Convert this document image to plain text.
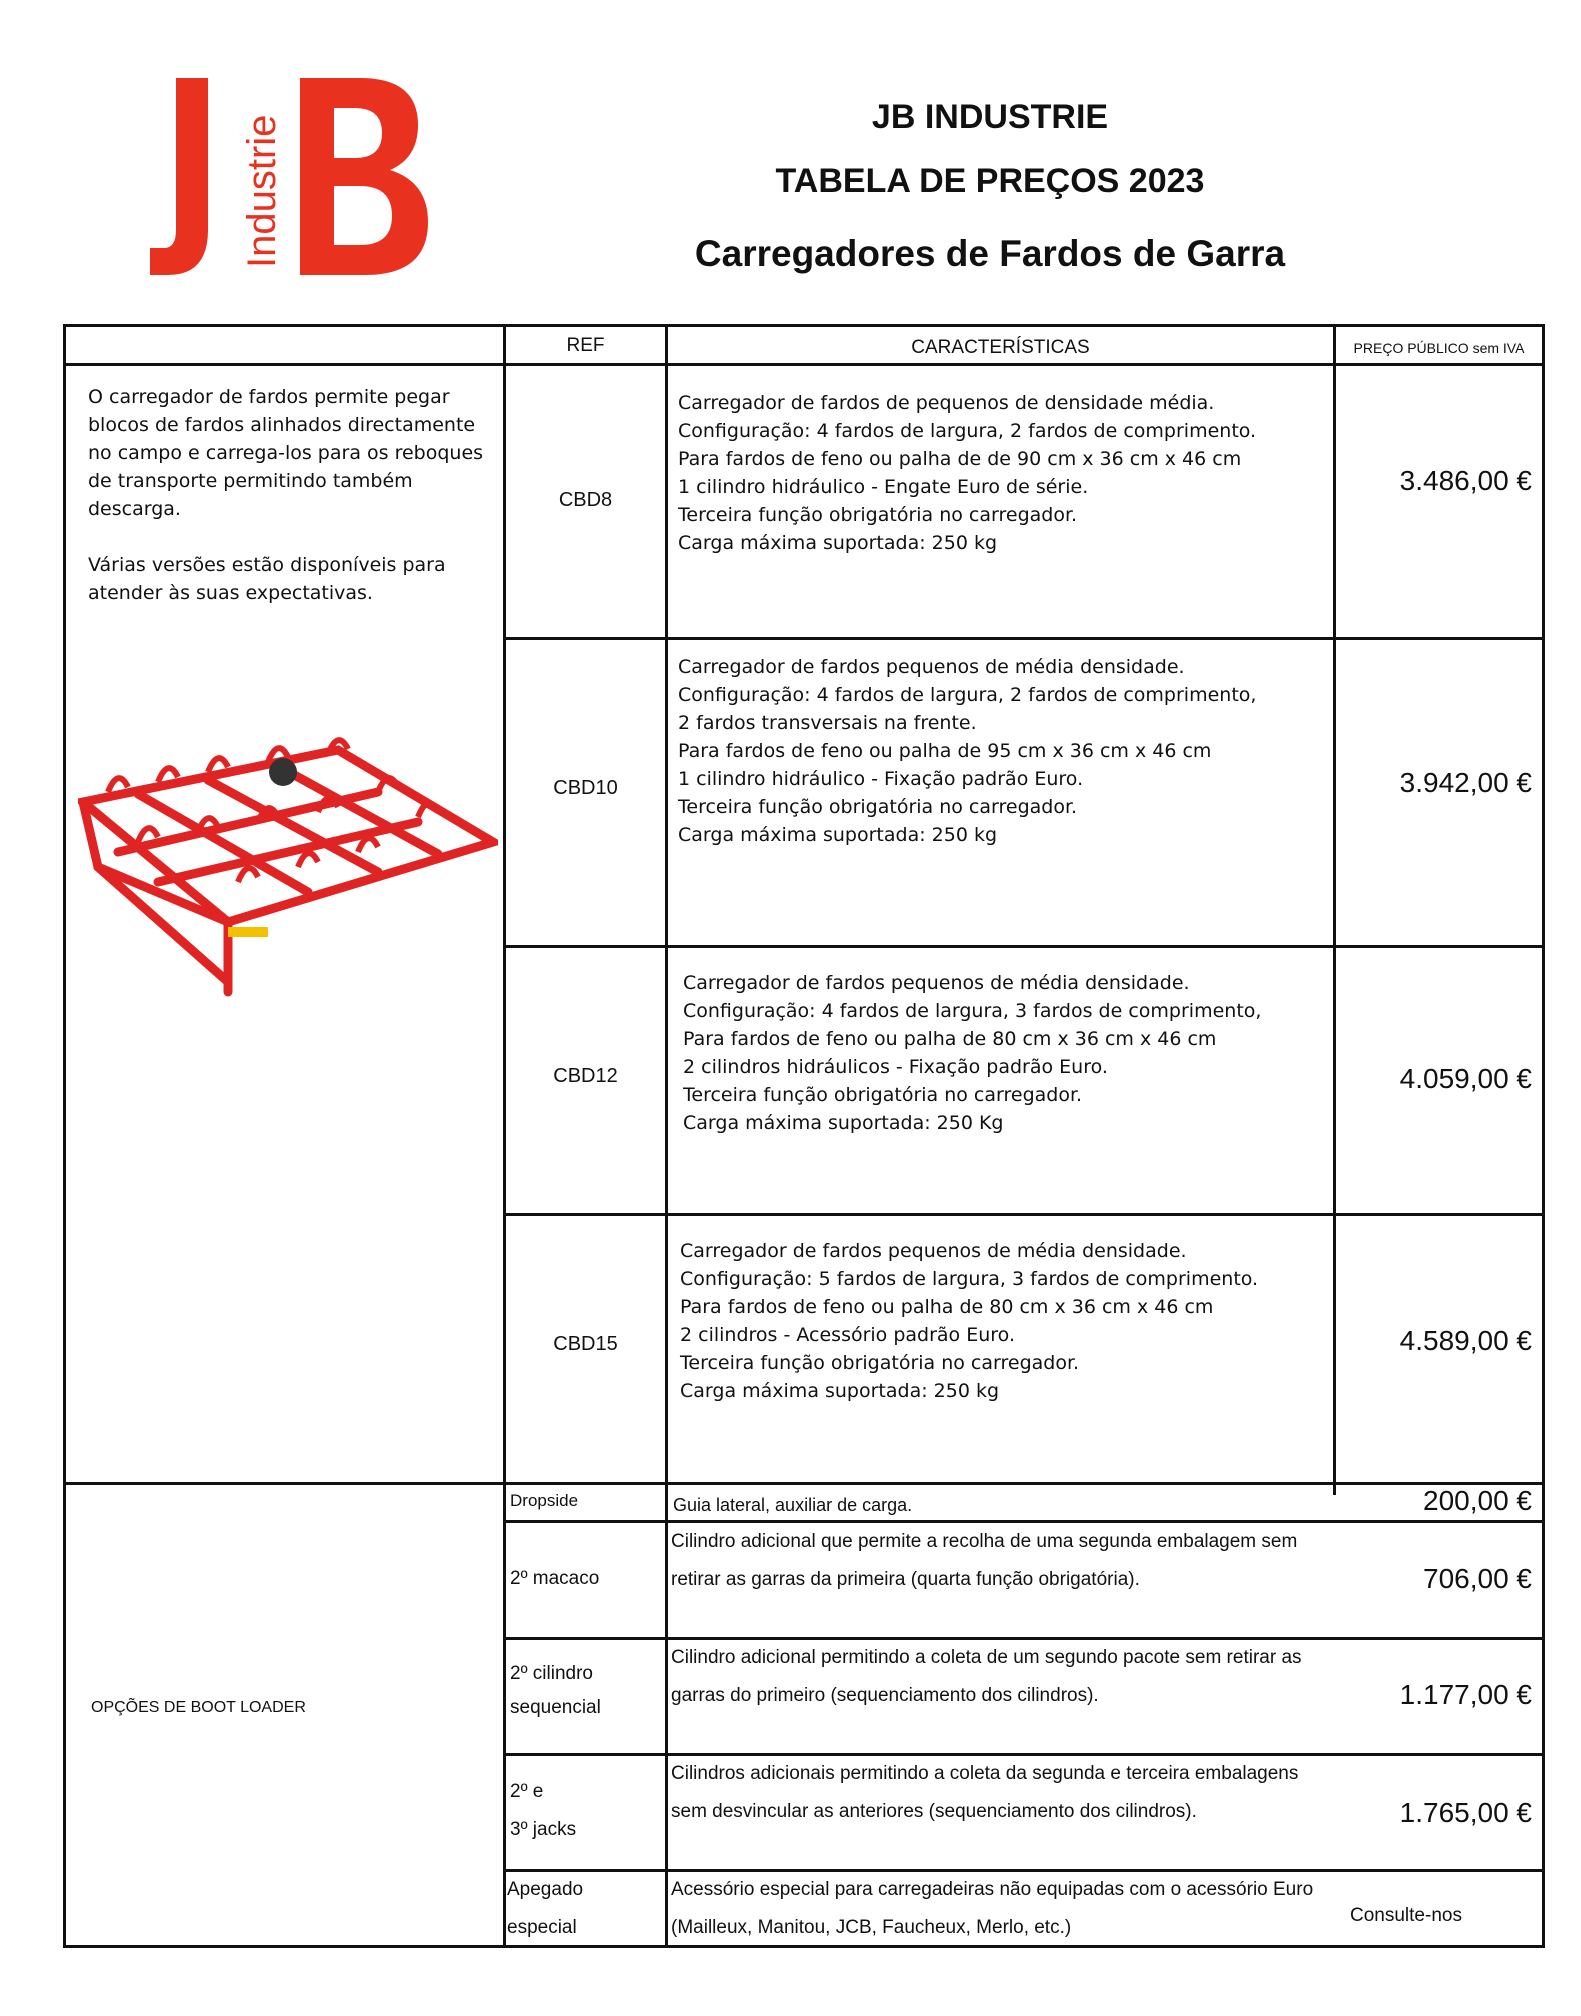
Industrie	JB INDUSTRIE
TABELA DE PREÇOS 2023
Carregadores de Fardos de Garra
REF	CARACTERÍSTICAS	PREÇO PÚBLICO sem IVA
O carregador de fardos permite pegar
blocos de fardos alinhados directamente
no campo e carrega-los para os reboques
de transporte permitindo também
descarga.

Várias versões estão disponíveis para
atender às suas expectativas.
CBD8
Carregador de fardos de pequenos de densidade média.
Configuração: 4 fardos de largura, 2 fardos de comprimento.
Para fardos de feno ou palha de de 90 cm x 36 cm x 46 cm
1 cilindro hidráulico - Engate Euro de série.
Terceira função obrigatória no carregador.
Carga máxima suportada: 250 kg
3.486,00 €
CBD10
Carregador de fardos pequenos de média densidade.
Configuração: 4 fardos de largura, 2 fardos de comprimento,
2 fardos transversais na frente.
Para fardos de feno ou palha de 95 cm x 36 cm x 46 cm
1 cilindro hidráulico - Fixação padrão Euro.
Terceira função obrigatória no carregador.
Carga máxima suportada: 250 kg
3.942,00 €
CBD12
Carregador de fardos pequenos de média densidade.
Configuração: 4 fardos de largura, 3 fardos de comprimento,
Para fardos de feno ou palha de 80 cm x 36 cm x 46 cm
2 cilindros hidráulicos - Fixação padrão Euro.
Terceira função obrigatória no carregador.
Carga máxima suportada: 250 Kg
4.059,00 €
CBD15
Carregador de fardos pequenos de média densidade.
Configuração: 5 fardos de largura, 3 fardos de comprimento.
Para fardos de feno ou palha de 80 cm x 36 cm x 46 cm
2 cilindros - Acessório padrão Euro.
Terceira função obrigatória no carregador.
Carga máxima suportada: 250 kg
4.589,00 €
OPÇÕES DE BOOT LOADER
Dropside	Guia lateral, auxiliar de carga.	200,00 €
2º macaco
Cilindro adicional que permite a recolha de uma segunda embalagem sem retirar as garras da primeira (quarta função obrigatória).	706,00 €
2º cilindro
sequencial
Cilindro adicional permitindo a coleta de um segundo pacote sem retirar as garras do primeiro (sequenciamento dos cilindros).	1.177,00 €
2º e
3º jacks
Cilindros adicionais permitindo a coleta da segunda e terceira embalagens sem desvincular as anteriores (sequenciamento dos cilindros).	1.765,00 €
Apegado
especial
Acessório especial para carregadeiras não equipadas com o acessório Euro (Mailleux, Manitou, JCB, Faucheux, Merlo, etc.)
Consulte-nos
